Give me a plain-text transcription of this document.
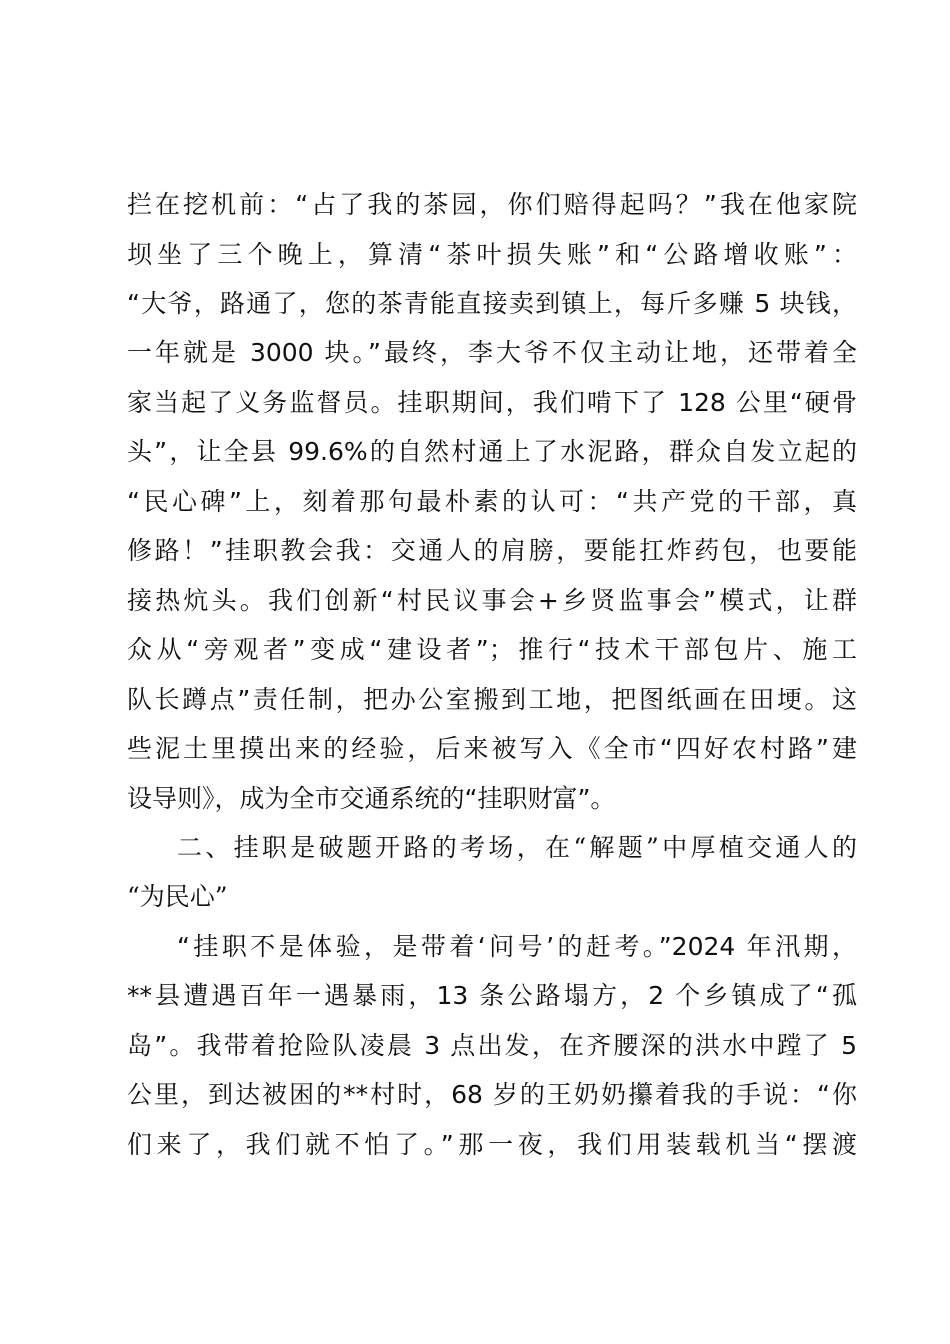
拦在挖机前：“占了我的茶园，你们赔得起吗？”我在他家院
坝坐了三个晚上，算清“茶叶损失账”和“公路增收账”：
“大爷，路通了，您的茶青能直接卖到镇上，每斤多赚 5 块钱，
一年就是 3000 块。”最终，李大爷不仅主动让地，还带着全
家当起了义务监督员。挂职期间，我们啃下了 128 公里“硬骨
头”，让全县 99.6%的自然村通上了水泥路，群众自发立起的
“民心碑”上，刻着那句最朴素的认可：“共产党的干部，真
修路！”挂职教会我：交通人的肩膀，要能扛炸药包，也要能
接热炕头。我们创新“村民议事会+乡贤监事会”模式，让群
众从“旁观者”变成“建设者”；推行“技术干部包片、施工
队长蹲点”责任制，把办公室搬到工地，把图纸画在田埂。这
些泥土里摸出来的经验，后来被写入《全市“四好农村路”建
设导则》，成为全市交通系统的“挂职财富”。
二、挂职是破题开路的考场，在“解题”中厚植交通人的
“为民心”
“挂职不是体验，是带着‘问号’的赶考。”2024 年汛期，
**县遭遇百年一遇暴雨，13 条公路塌方，2 个乡镇成了“孤
岛”。我带着抢险队凌晨 3 点出发，在齐腰深的洪水中蹚了 5
公里，到达被困的**村时，68 岁的王奶奶攥着我的手说：“你
们来了，我们就不怕了。”那一夜，我们用装载机当“摆渡
